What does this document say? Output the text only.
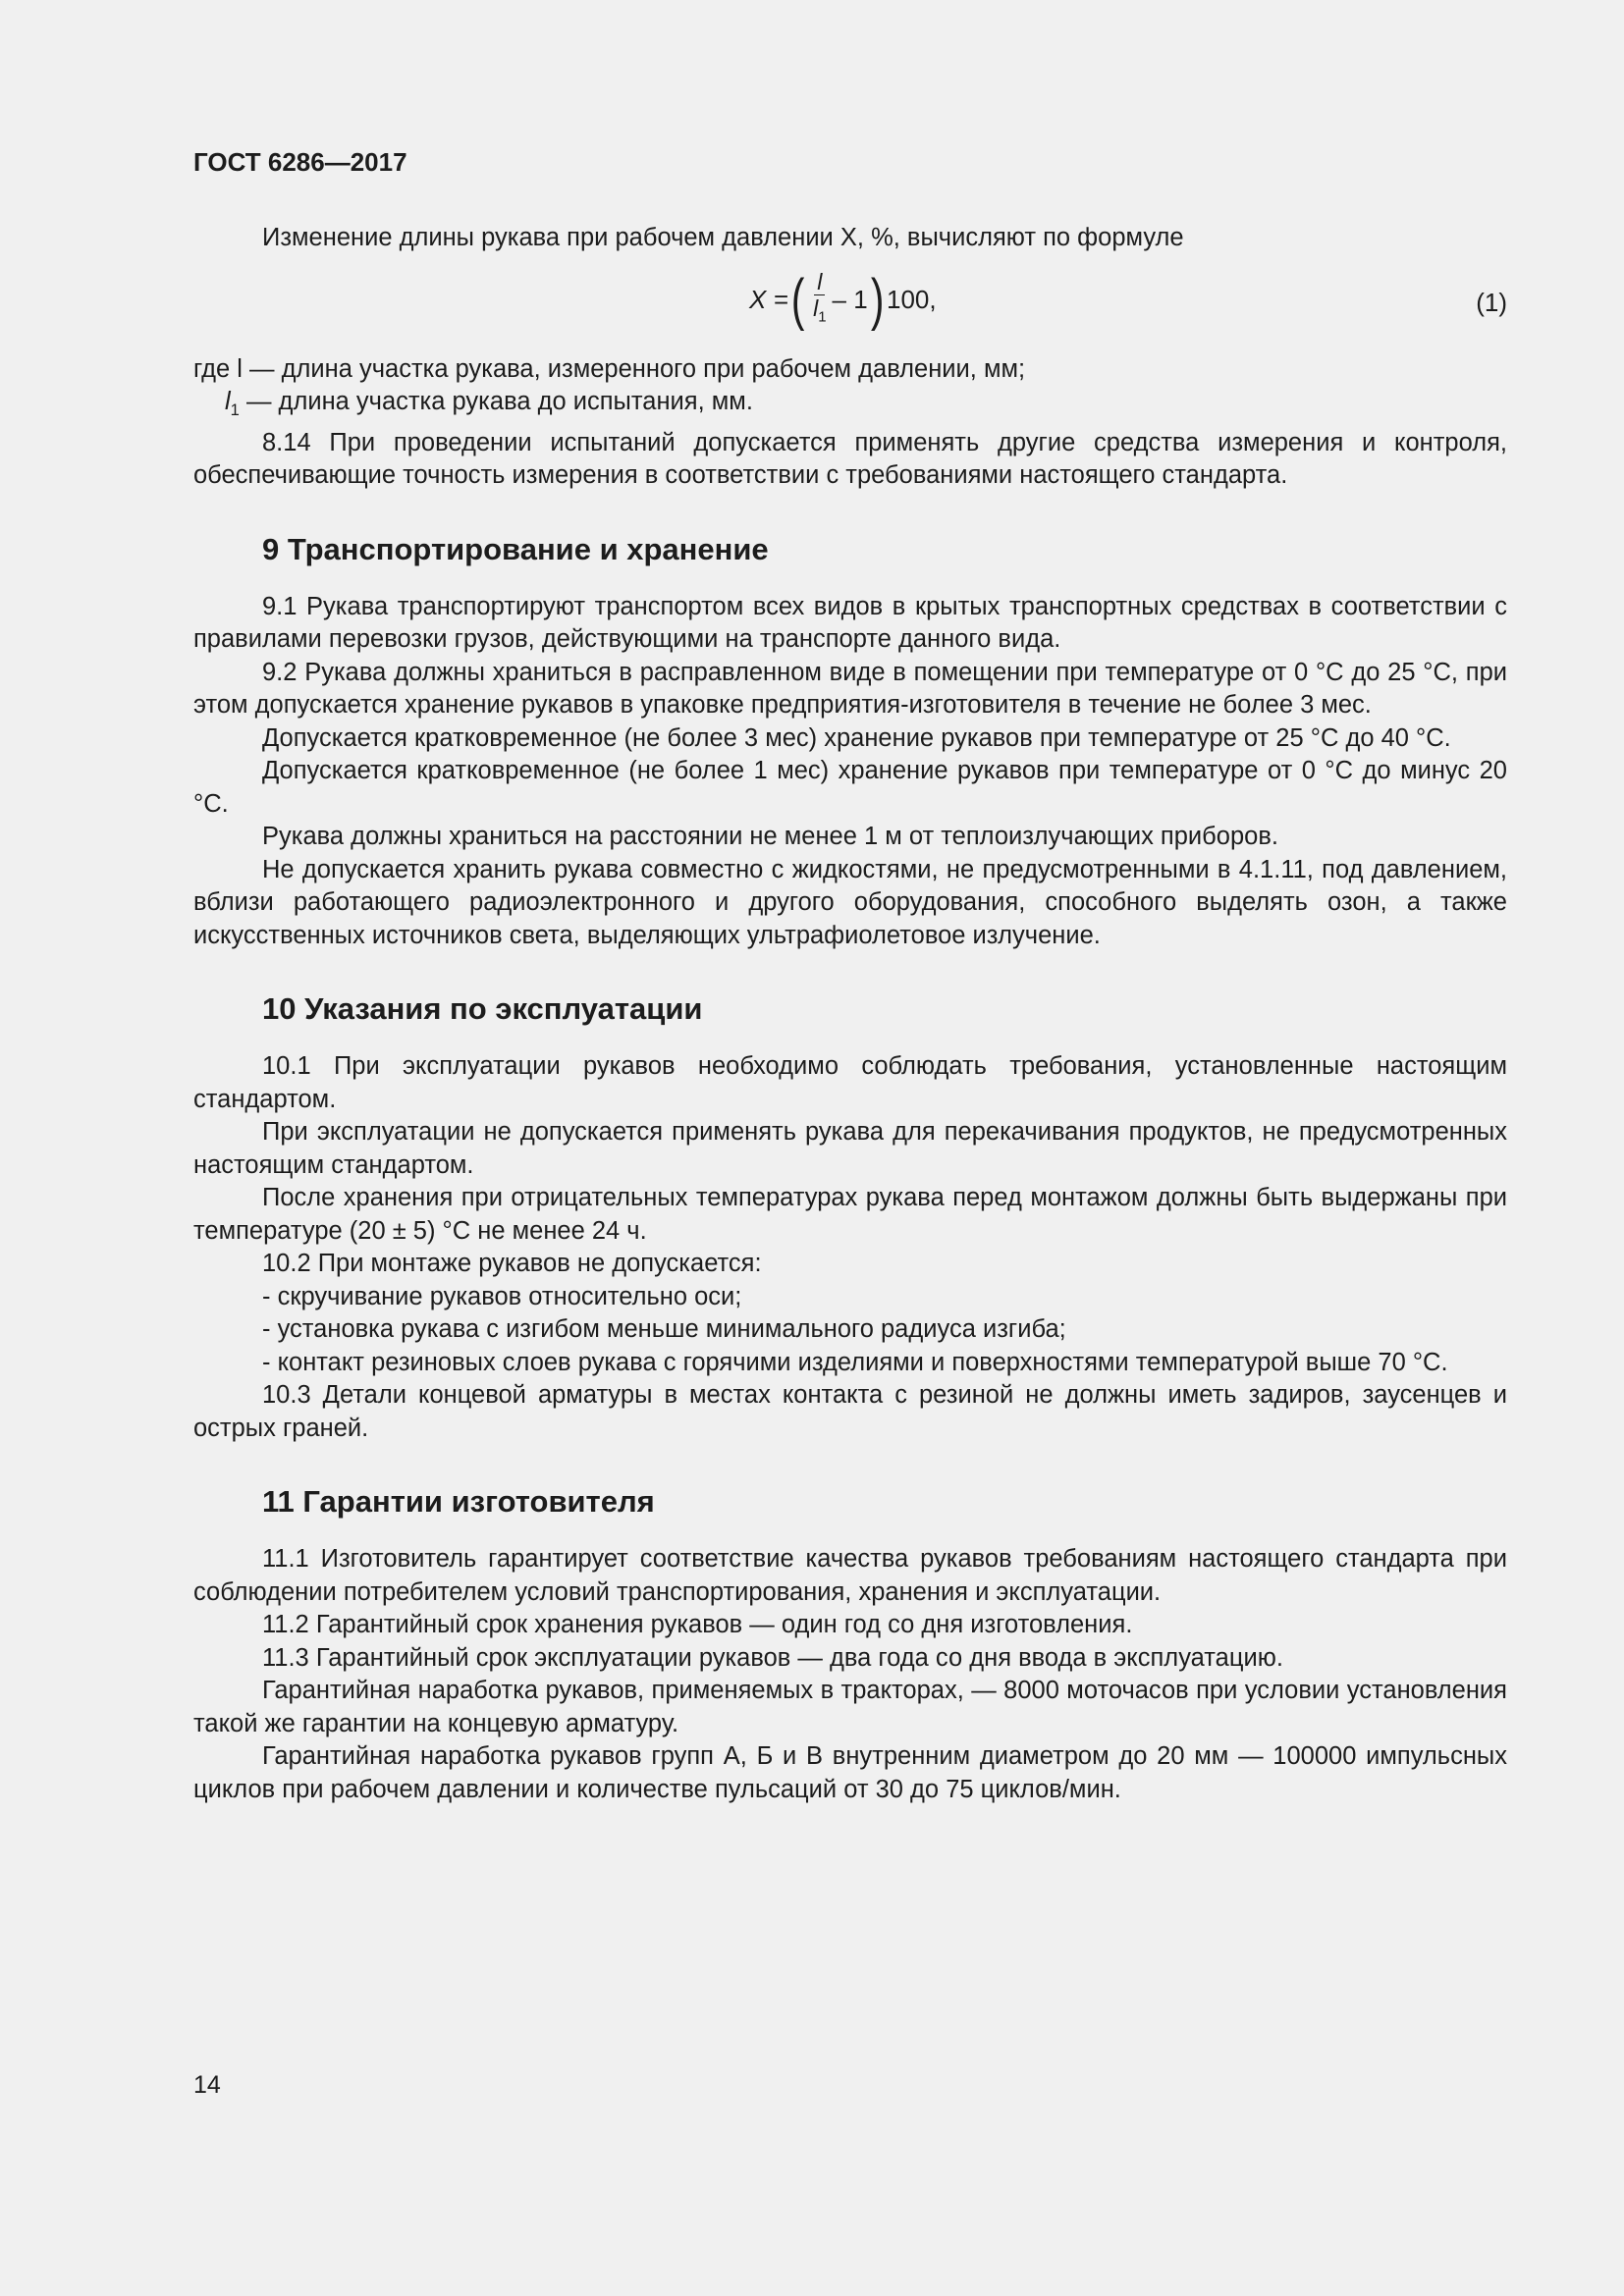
ГОСТ 6286—2017

Изменение длины рукава при рабочем давлении X, %, вычисляют по формуле

X = ( $\frac{l}{l_1} - 1$ ) 100,	(1)

где l — длина участка рукава, измеренного при рабочем давлении, мм;

$l_1$ — длина участка рукава до испытания, мм.

8.14 При проведении испытаний допускается применять другие средства измерения и контроля, обеспечивающие точность измерения в соответствии с требованиями настоящего стандарта.

9 Транспортирование и хранение

9.1 Рукава транспортируют транспортом всех видов в крытых транспортных средствах в соответствии с правилами перевозки грузов, действующими на транспорте данного вида.

9.2 Рукава должны храниться в расправленном виде в помещении при температуре от 0 °С до 25 °С, при этом допускается хранение рукавов в упаковке предприятия-изготовителя в течение не более 3 мес.

Допускается кратковременное (не более 3 мес) хранение рукавов при температуре от 25 °С до 40 °С.

Допускается кратковременное (не более 1 мес) хранение рукавов при температуре от 0 °С до минус 20 °С.

Рукава должны храниться на расстоянии не менее 1 м от теплоизлучающих приборов.

Не допускается хранить рукава совместно с жидкостями, не предусмотренными в 4.1.11, под давлением, вблизи работающего радиоэлектронного и другого оборудования, способного выделять озон, а также искусственных источников света, выделяющих ультрафиолетовое излучение.

10 Указания по эксплуатации

10.1 При эксплуатации рукавов необходимо соблюдать требования, установленные настоящим стандартом.

При эксплуатации не допускается применять рукава для перекачивания продуктов, не предусмотренных настоящим стандартом.

После хранения при отрицательных температурах рукава перед монтажом должны быть выдержаны при температуре (20 ± 5) °С не менее 24 ч.

10.2 При монтаже рукавов не допускается:

- скручивание рукавов относительно оси;

- установка рукава с изгибом меньше минимального радиуса изгиба;

- контакт резиновых слоев рукава с горячими изделиями и поверхностями температурой выше 70 °С.

10.3 Детали концевой арматуры в местах контакта с резиной не должны иметь задиров, заусенцев и острых граней.

11 Гарантии изготовителя

11.1 Изготовитель гарантирует соответствие качества рукавов требованиям настоящего стандарта при соблюдении потребителем условий транспортирования, хранения и эксплуатации.

11.2 Гарантийный срок хранения рукавов — один год со дня изготовления.

11.3 Гарантийный срок эксплуатации рукавов — два года со дня ввода в эксплуатацию.

Гарантийная наработка рукавов, применяемых в тракторах, — 8000 моточасов при условии установления такой же гарантии на концевую арматуру.

Гарантийная наработка рукавов групп А, Б и В внутренним диаметром до 20 мм — 100000 импульсных циклов при рабочем давлении и количестве пульсаций от 30 до 75 циклов/мин.

14
